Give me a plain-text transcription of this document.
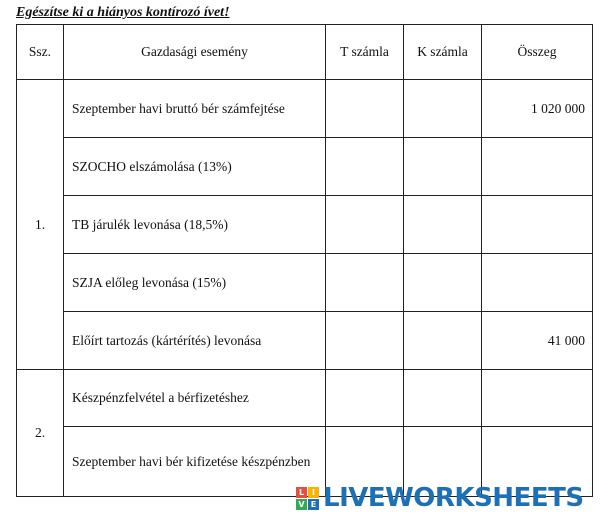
Egészítse ki a hiányos kontírozó ívet!
Ssz.	Gazdasági esemény	T számla	K számla	Összeg
1.	Szeptember havi bruttó bér számfejtése			1 020 000
	SZOCHO elszámolása (13%)			
	TB járulék levonása (18,5%)			
	SZJA előleg levonása (15%)			
	Előírt tartozás (kártérítés) levonása			41 000
2.	Készpénzfelvétel a bérfizetéshez			
	Szeptember havi bér kifizetése készpénzben			
L I
V E LIVEWORKSHEETS
